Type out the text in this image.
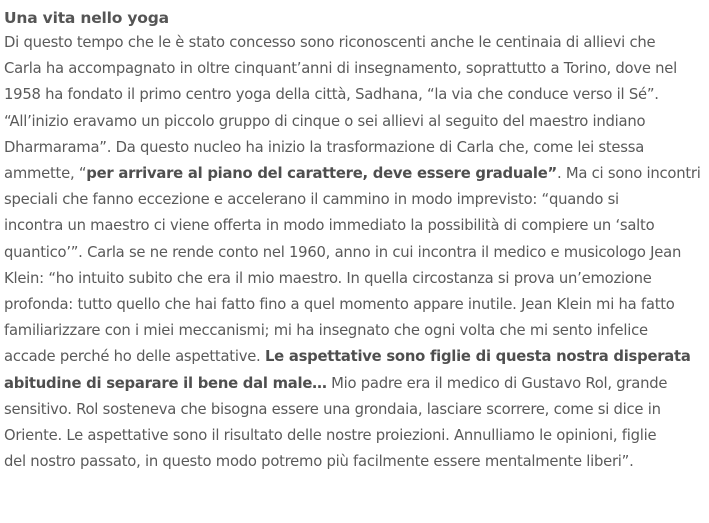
Una vita nello yoga

Di questo tempo che le è stato concesso sono riconoscenti anche le centinaia di allievi che
Carla ha accompagnato in oltre cinquant’anni di insegnamento, soprattutto a Torino, dove nel
1958 ha fondato il primo centro yoga della città, Sadhana, “la via che conduce verso il Sé”.
“All’inizio eravamo un piccolo gruppo di cinque o sei allievi al seguito del maestro indiano
Dharmarama”. Da questo nucleo ha inizio la trasformazione di Carla che, come lei stessa
ammette, “per arrivare al piano del carattere, deve essere graduale”. Ma ci sono incontri
speciali che fanno eccezione e accelerano il cammino in modo imprevisto: “quando si
incontra un maestro ci viene offerta in modo immediato la possibilità di compiere un ‘salto
quantico’”. Carla se ne rende conto nel 1960, anno in cui incontra il medico e musicologo Jean
Klein: “ho intuito subito che era il mio maestro. In quella circostanza si prova un’emozione
profonda: tutto quello che hai fatto fino a quel momento appare inutile. Jean Klein mi ha fatto
familiarizzare con i miei meccanismi; mi ha insegnato che ogni volta che mi sento infelice
accade perché ho delle aspettative. Le aspettative sono figlie di questa nostra disperata
abitudine di separare il bene dal male… Mio padre era il medico di Gustavo Rol, grande
sensitivo. Rol sosteneva che bisogna essere una grondaia, lasciare scorrere, come si dice in
Oriente. Le aspettative sono il risultato delle nostre proiezioni. Annulliamo le opinioni, figlie
del nostro passato, in questo modo potremo più facilmente essere mentalmente liberi”.
